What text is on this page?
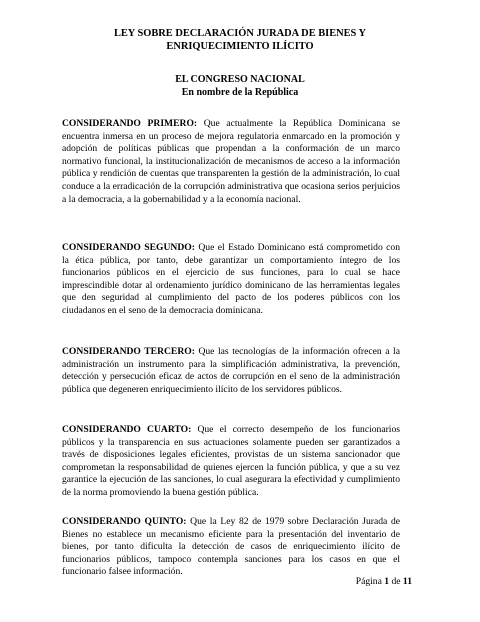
LEY SOBRE DECLARACIÓN JURADA DE BIENES Y ENRIQUECIMIENTO ILÍCITO
EL CONGRESO NACIONAL
En nombre de la República

CONSIDERANDO PRIMERO: Que actualmente la República Dominicana se encuentra inmersa en un proceso de mejora regulatoria enmarcado en la promoción y adopción de políticas públicas que propendan a la conformación de un marco normativo funcional, la institucionalización de mecanismos de acceso a la información pública y rendición de cuentas que transparenten la gestión de la administración, lo cual conduce a la erradicación de la corrupción administrativa que ocasiona serios perjuicios a la democracia, a la gobernabilidad y a la economía nacional.

CONSIDERANDO SEGUNDO: Que el Estado Dominicano está comprometido con la ética pública, por tanto, debe garantizar un comportamiento íntegro de los funcionarios públicos en el ejercicio de sus funciones, para lo cual se hace imprescindible dotar al ordenamiento jurídico dominicano de las herramientas legales que den seguridad al cumplimiento del pacto de los poderes públicos con los ciudadanos en el seno de la democracia dominicana.

CONSIDERANDO TERCERO: Que las tecnologías de la información ofrecen a la administración un instrumento para la simplificación administrativa, la prevención, detección y persecución eficaz de actos de corrupción en el seno de la administración pública que degeneren enriquecimiento ilícito de los servidores públicos.

CONSIDERANDO CUARTO: Que el correcto desempeño de los funcionarios públicos y la transparencia en sus actuaciones solamente pueden ser garantizados a través de disposiciones legales eficientes, provistas de un sistema sancionador que comprometan la responsabilidad de quienes ejercen la función pública, y que a su vez garantice la ejecución de las sanciones, lo cual asegurara la efectividad y cumplimiento de la norma promoviendo la buena gestión pública.

CONSIDERANDO QUINTO: Que la Ley 82 de 1979 sobre Declaración Jurada de Bienes no establece un mecanismo eficiente para la presentación del inventario de bienes, por tanto dificulta la detección de casos de enriquecimiento ilícito de funcionarios públicos, tampoco contempla sanciones para los casos en que el funcionario falsee información.

Página 1 de 11
